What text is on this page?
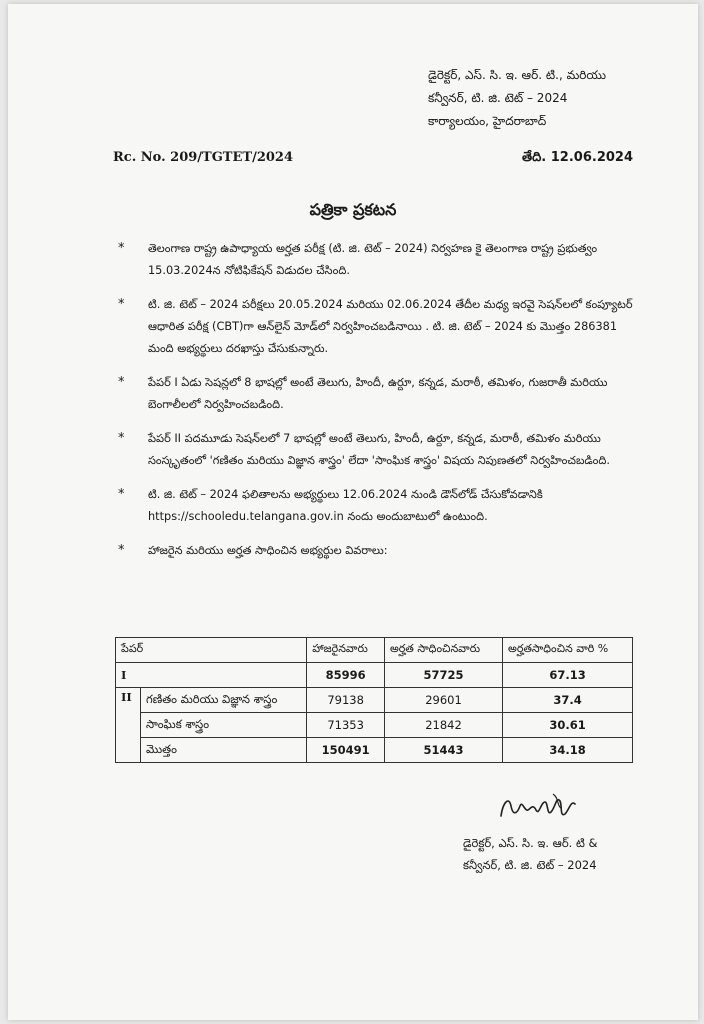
డైరెక్టర్, ఎస్. సి. ఇ. ఆర్. టి., మరియు
కన్వీనర్, టి. జి. టెట్ – 2024
కార్యాలయం, హైదరాబాద్
Rc. No. 209/TGTET/2024	తేది. 12.06.2024
పత్రికా ప్రకటన
* తెలంగాణ రాష్ట్ర ఉపాధ్యాయ అర్హత పరీక్ష (టి. జి. టెట్ – 2024) నిర్వహణ కై తెలంగాణ రాష్ట్ర ప్రభుత్వం 15.03.2024న నోటిఫికేషన్ విడుదల చేసింది.
* టి. జి. టెట్ – 2024 పరీక్షలు 20.05.2024 మరియు 02.06.2024 తేదీల మధ్య ఇరవై సెషన్‌లలో కంప్యూటర్ ఆధారిత పరీక్ష (CBT)గా ఆన్‌లైన్ మోడ్‌లో నిర్వహించబడినాయి . టి. జి. టెట్ – 2024 కు మొత్తం 286381 మంది అభ్యర్థులు దరఖాస్తు చేసుకున్నారు.
* పేపర్ I ఏడు సెషన్లలో 8 భాషల్లో అంటే తెలుగు, హిందీ, ఉర్దూ, కన్నడ, మరాఠీ, తమిళం, గుజరాతీ మరియు బెంగాలీలలో నిర్వహించబడింది.
* పేపర్ II పదమూడు సెషన్‌లలో 7 భాషల్లో అంటే తెలుగు, హిందీ, ఉర్దూ, కన్నడ, మరాఠీ, తమిళం మరియు సంస్కృతంలో 'గణితం మరియు విజ్ఞాన శాస్త్రం' లేదా 'సాంఘిక శాస్త్రం' విషయ నిపుణతలో నిర్వహించబడింది.
* టి. జి. టెట్ – 2024 ఫలితాలను అభ్యర్థులు 12.06.2024 నుండి డౌన్‌లోడ్ చేసుకోవడానికి https://schooledu.telangana.gov.in నందు అందుబాటులో ఉంటుంది.
* హాజరైన మరియు అర్హత సాధించిన అభ్యర్థుల వివరాలు:
పేపర్		హాజరైనవారు	అర్హత సాధించినవారు	అర్హతసాధించిన వారి %
I		85996	57725	67.13
II	గణితం మరియు విజ్ఞాన శాస్త్రం	79138	29601	37.4
	సాంఘిక శాస్త్రం	71353	21842	30.61
	మొత్తం	150491	51443	34.18
డైరెక్టర్, ఎస్. సి. ఇ. ఆర్. టి &
కన్వీనర్, టి. జి. టెట్ – 2024
